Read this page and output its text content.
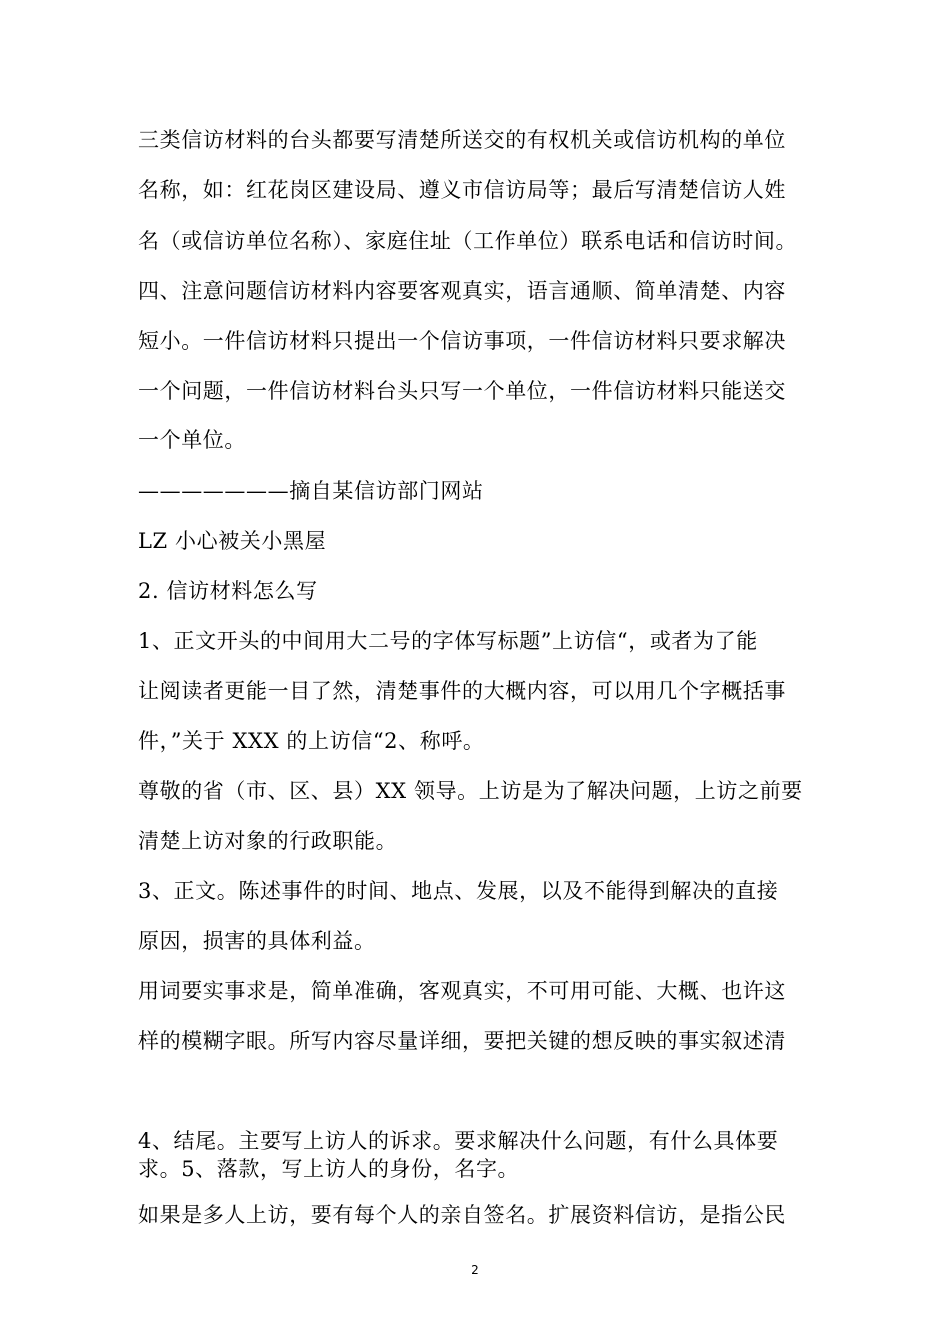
三类信访材料的台头都要写清楚所送交的有权机关或信访机构的单位
名称，如：红花岗区建设局、遵义市信访局等；最后写清楚信访人姓
名（或信访单位名称）、家庭住址（工作单位）联系电话和信访时间。
四、注意问题信访材料内容要客观真实，语言通顺、简单清楚、内容
短小。一件信访材料只提出一个信访事项，一件信访材料只要求解决
一个问题，一件信访材料台头只写一个单位，一件信访材料只能送交
一个单位。
———————摘自某信访部门网站
LZ 小心被关小黑屋
2. 信访材料怎么写
1、正文开头的中间用大二号的字体写标题”上访信“，或者为了能
让阅读者更能一目了然，清楚事件的大概内容，可以用几个字概括事
件，”关于 XXX 的上访信“2、称呼。
尊敬的省（市、区、县）XX 领导。上访是为了解决问题，上访之前要
清楚上访对象的行政职能。
3、正文。陈述事件的时间、地点、发展，以及不能得到解决的直接
原因，损害的具体利益。
用词要实事求是，简单准确，客观真实，不可用可能、大概、也许这
样的模糊字眼。所写内容尽量详细，要把关键的想反映的事实叙述清
4、结尾。主要写上访人的诉求。要求解决什么问题，有什么具体要
求。5、落款，写上访人的身份，名字。
如果是多人上访，要有每个人的亲自签名。扩展资料信访，是指公民
2
